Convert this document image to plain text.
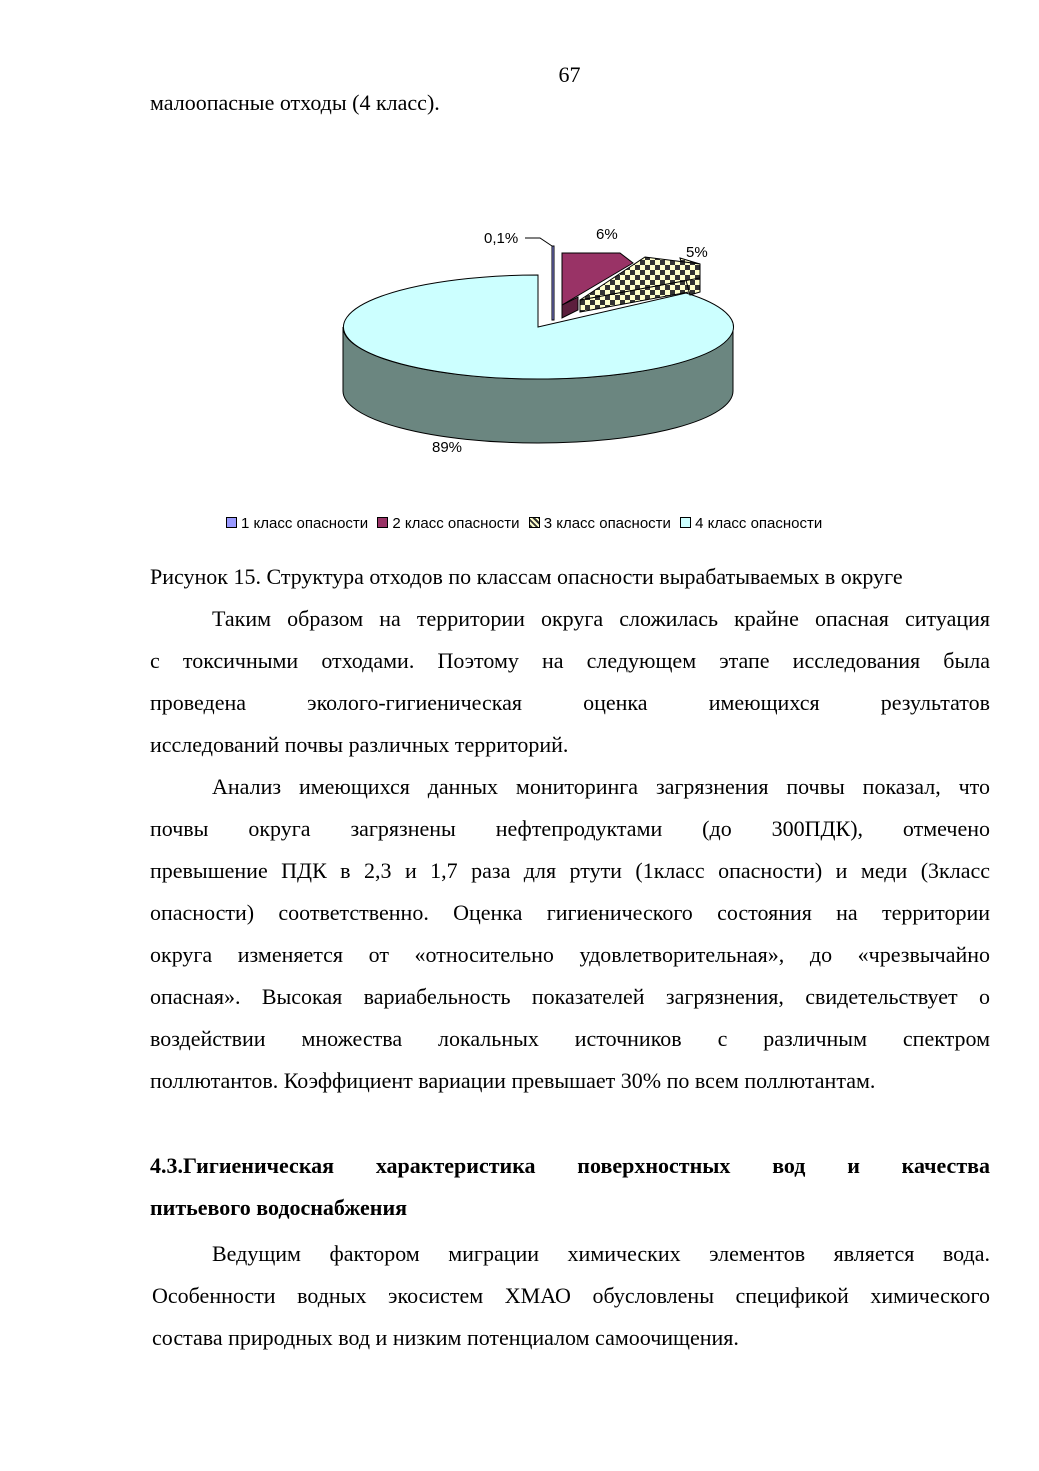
67
малоопасные отходы (4 класс).
0,1%	6%
5%
89%
1 класс опасности 2 класс опасности 3 класс опасности 4 класс опасности
Рисунок 15. Структура отходов по классам опасности вырабатываемых в округе
Таким образом на территории округа сложилась крайне опасная ситуация
с токсичными отходами. Поэтому на следующем этапе исследования была
проведена эколого-гигиеническая оценка имеющихся результатов
исследований почвы различных территорий.
Анализ имеющихся данных мониторинга загрязнения почвы показал, что
почвы округа загрязнены нефтепродуктами (до 300ПДК), отмечено
превышение ПДК в 2,3 и 1,7 раза для ртути (1класс опасности) и меди (3класс
опасности) соответственно. Оценка гигиенического состояния на территории
округа изменяется от «относительно удовлетворительная», до «чрезвычайно
опасная». Высокая вариабельность показателей загрязнения, свидетельствует о
воздействии множества локальных источников с различным спектром
поллютантов. Коэффициент вариации превышает 30% по всем поллютантам.
4.3.Гигиеническая характеристика поверхностных вод и качества
питьевого водоснабжения
Ведущим фактором миграции химических элементов является вода.
Особенности водных экосистем ХМАО обусловлены спецификой химического
состава природных вод и низким потенциалом самоочищения.
